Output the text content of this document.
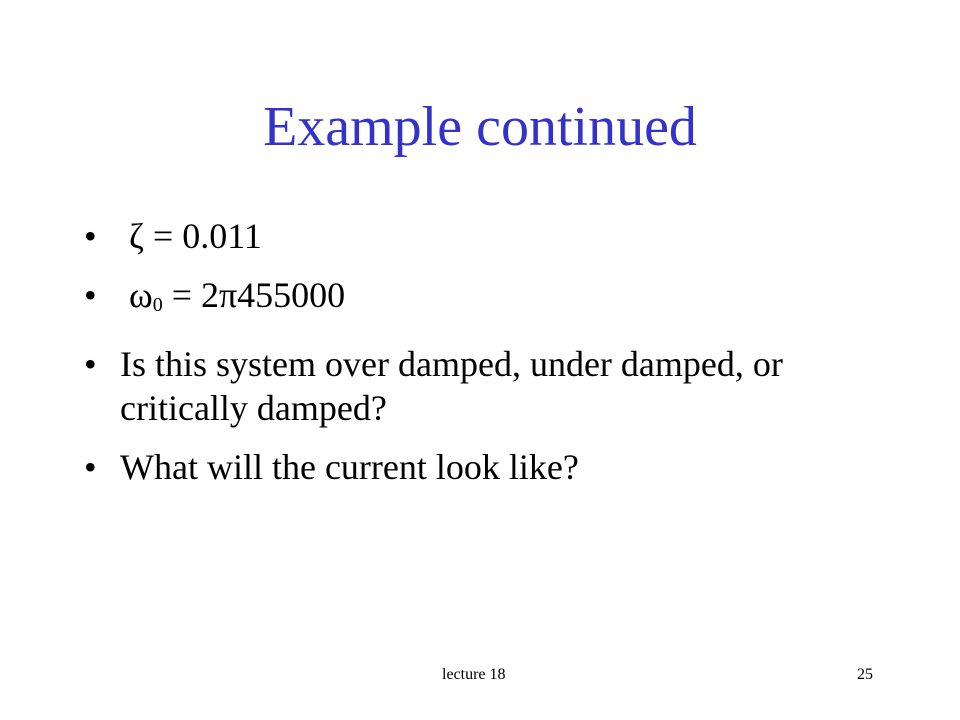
Example continued
• ζ = 0.011
• $\omega_0 = 2\pi 455000$
• Is this system over damped, under damped, or critically damped?
• What will the current look like?
lecture 18	25
